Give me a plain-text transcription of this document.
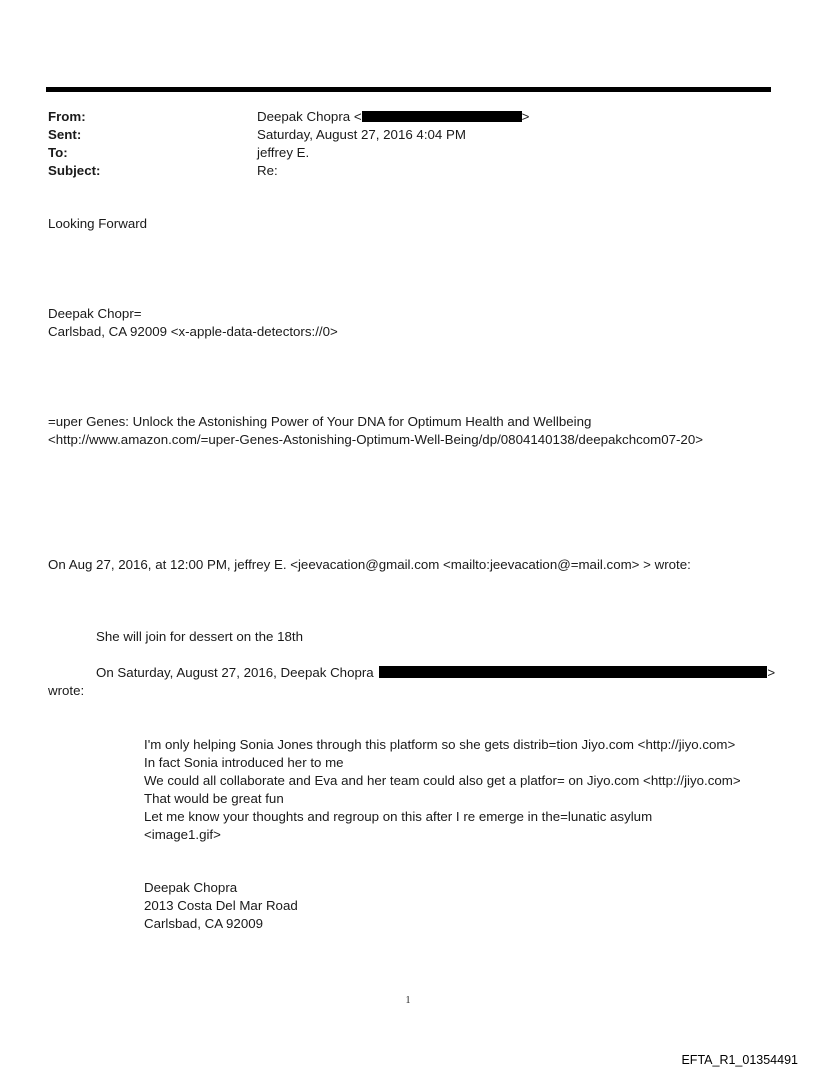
From:	Deepak Chopra <	>
Sent:	Saturday, August 27, 2016 4:04 PM
To:	jeffrey E.
Subject:	Re:
Looking Forward
Deepak Chopr=
Carlsbad, CA 92009 <x-apple-data-detectors://0>
=uper Genes: Unlock the Astonishing Power of Your DNA for Optimum Health and Wellbeing
<http://www.amazon.com/=uper-Genes-Astonishing-Optimum-Well-Being/dp/0804140138/deepakchcom07-20>
On Aug 27, 2016, at 12:00 PM, jeffrey E. <jeevacation@gmail.com <mailto:jeevacation@=mail.com> > wrote:
She will join for dessert on the 18th
On Saturday, August 27, 2016, Deepak Chopra	>
wrote:
I'm only helping Sonia Jones through this platform so she gets distrib=tion Jiyo.com <http://jiyo.com>
In fact Sonia introduced her to me
We could all collaborate and Eva and her team could also get a platfor= on Jiyo.com <http://jiyo.com>
That would be great fun
Let me know your thoughts and regroup on this after I re emerge in the=lunatic asylum
<image1.gif>
Deepak Chopra
2013 Costa Del Mar Road
Carlsbad, CA 92009
1
EFTA_R1_01354491
